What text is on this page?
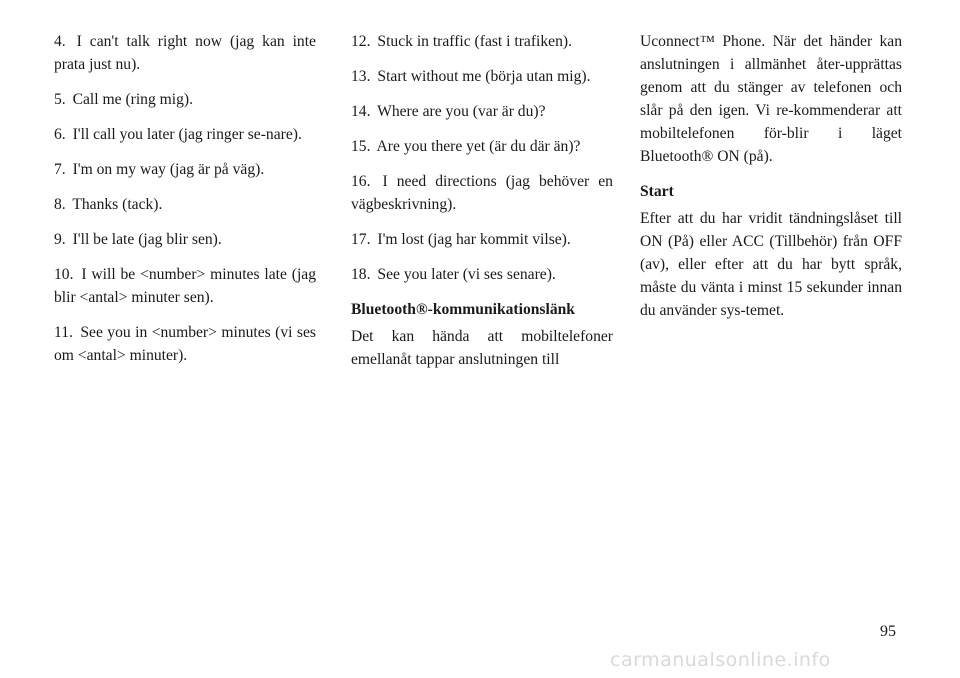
4. I can't talk right now (jag kan inte prata just nu).

5. Call me (ring mig).

6. I'll call you later (jag ringer se-nare).

7. I'm on my way (jag är på väg).

8. Thanks (tack).

9. I'll be late (jag blir sen).

10. I will be <number> minutes late (jag blir <antal> minuter sen).

11. See you in <number> minutes (vi ses om <antal> minuter).

12. Stuck in traffic (fast i trafiken).

13. Start without me (börja utan mig).

14. Where are you (var är du)?

15. Are you there yet (är du där än)?

16. I need directions (jag behöver en vägbeskrivning).

17. I'm lost (jag har kommit vilse).

18. See you later (vi ses senare).

Bluetooth®-kommunikationslänk

Det kan hända att mobiltelefoner emellanåt tappar anslutningen till

Uconnect™ Phone. När det händer kan anslutningen i allmänhet åter-upprättas genom att du stänger av telefonen och slår på den igen. Vi re-kommenderar att mobiltelefonen för-blir i läget Bluetooth® ON (på).

Start

Efter att du har vridit tändningslåset till ON (På) eller ACC (Tillbehör) från OFF (av), eller efter att du har bytt språk, måste du vänta i minst 15 sekunder innan du använder sys-temet.

95
carmanualsonline.info
